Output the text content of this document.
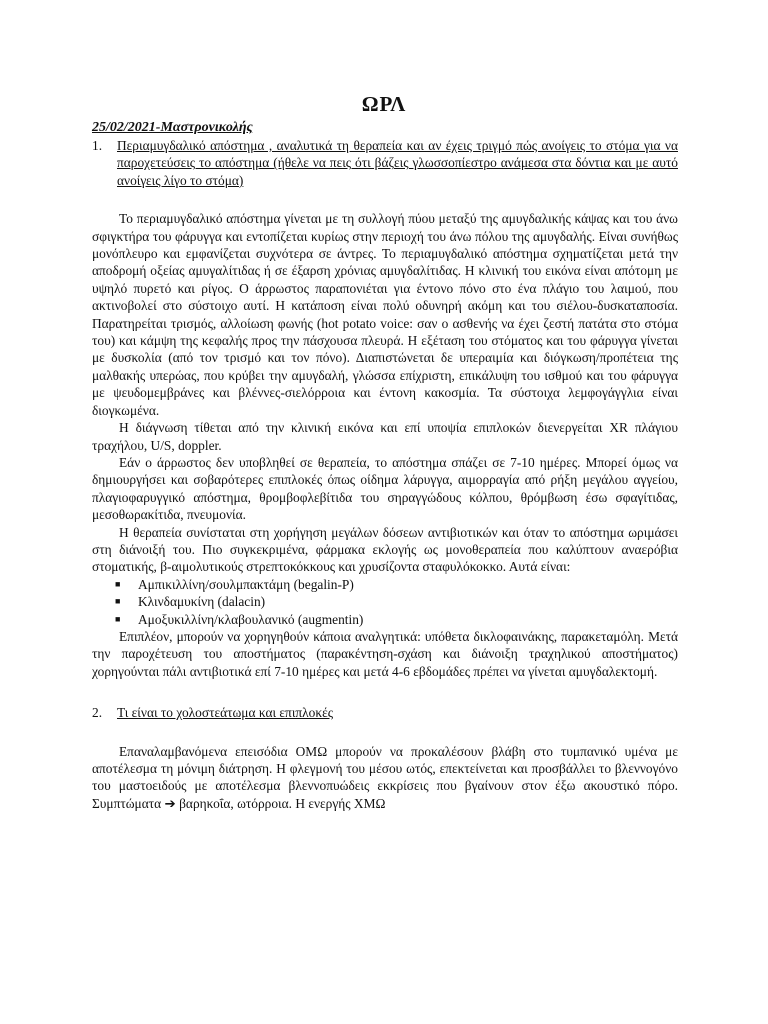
ΩΡΛ
25/02/2021-Μαστρονικολής
1.	Περιαμυγδαλικό απόστημα , αναλυτικά τη θεραπεία και αν έχεις τριγμό πώς ανοίγεις το στόμα για να παροχετεύσεις το απόστημα (ήθελε να πεις ότι βάζεις γλωσσοπίεστρο ανάμεσα στα δόντια και με αυτό ανοίγεις λίγο το στόμα)

Το περιαμυγδαλικό απόστημα γίνεται με τη συλλογή πύου μεταξύ της αμυγδαλικής κάψας και του άνω σφιγκτήρα του φάρυγγα και εντοπίζεται κυρίως στην περιοχή του άνω πόλου της αμυγδαλής. Είναι συνήθως μονόπλευρο και εμφανίζεται συχνότερα σε άντρες. Το περιαμυγδαλικό απόστημα σχηματίζεται μετά την αποδρομή οξείας αμυγαλίτιδας ή σε έξαρση χρόνιας αμυγδαλίτιδας. Η κλινική του εικόνα είναι απότομη με υψηλό πυρετό και ρίγος. Ο άρρωστος παραπονιέται για έντονο πόνο στο ένα πλάγιο του λαιμού, που ακτινοβολεί στο σύστοιχο αυτί. Η κατάποση είναι πολύ οδυνηρή ακόμη και του σιέλου-δυσκαταποσία. Παρατηρείται τρισμός, αλλοίωση φωνής (hot potato voice: σαν ο ασθενής να έχει ζεστή πατάτα στο στόμα του) και κάμψη της κεφαλής προς την πάσχουσα πλευρά. Η εξέταση του στόματος και του φάρυγγα γίνεται με δυσκολία (από τον τρισμό και τον πόνο). Διαπιστώνεται δε υπεραιμία και διόγκωση/προπέτεια της μαλθακής υπερώας, που κρύβει την αμυγδαλή, γλώσσα επίχριστη, επικάλυψη του ισθμού και του φάρυγγα με ψευδομεμβράνες και βλέννες-σιελόρροια και έντονη κακοσμία. Τα σύστοιχα λεμφογάγγλια είναι διογκωμένα.

Η διάγνωση τίθεται από την κλινική εικόνα και επί υποψία επιπλοκών διενεργείται XR πλάγιου τραχήλου, U/S, doppler.

Εάν ο άρρωστος δεν υποβληθεί σε θεραπεία, το απόστημα σπάζει σε 7-10 ημέρες. Μπορεί όμως να δημιουργήσει και σοβαρότερες επιπλοκές όπως οίδημα λάρυγγα, αιμορραγία από ρήξη μεγάλου αγγείου, πλαγιοφαρυγγικό απόστημα, θρομβοφλεβίτιδα του σηραγγώδους κόλπου, θρόμβωση έσω σφαγίτιδας, μεσοθωρακίτιδα, πνευμονία.

Η θεραπεία συνίσταται στη χορήγηση μεγάλων δόσεων αντιβιοτικών και όταν το απόστημα ωριμάσει στη διάνοιξή του. Πιο συγκεκριμένα, φάρμακα εκλογής ως μονοθεραπεία που καλύπτουν αναερόβια στοματικής, β-αιμολυτικούς στρεπτοκόκκους και χρυσίζοντα σταφυλόκοκκο. Αυτά είναι:

■	Αμπικιλλίνη/σουλμπακτάμη (begalin-P)
■	Κλινδαμυκίνη (dalacin)
■	Αμοξυκιλλίνη/κλαβουλανικό (augmentin)

Επιπλέον, μπορούν να χορηγηθούν κάποια αναλγητικά: υπόθετα δικλοφαινάκης, παρακεταμόλη. Μετά την παροχέτευση του αποστήματος (παρακέντηση-σχάση και διάνοιξη τραχηλικού αποστήματος) χορηγούνται πάλι αντιβιοτικά επί 7-10 ημέρες και μετά 4-6 εβδομάδες πρέπει να γίνεται αμυγδαλεκτομή.

2.	Τι είναι το χολοστεάτωμα και επιπλοκές

Επαναλαμβανόμενα επεισόδια ΟΜΩ μπορούν να προκαλέσουν βλάβη στο τυμπανικό υμένα με αποτέλεσμα τη μόνιμη διάτρηση. Η φλεγμονή του μέσου ωτός, επεκτείνεται και προσβάλλει το βλεννογόνο του μαστοειδούς με αποτέλεσμα βλεννοπυώδεις εκκρίσεις που βγαίνουν στον έξω ακουστικό πόρο. Συμπτώματα ➔ βαρηκοΐα, ωτόρροια. Η ενεργής ΧΜΩ
